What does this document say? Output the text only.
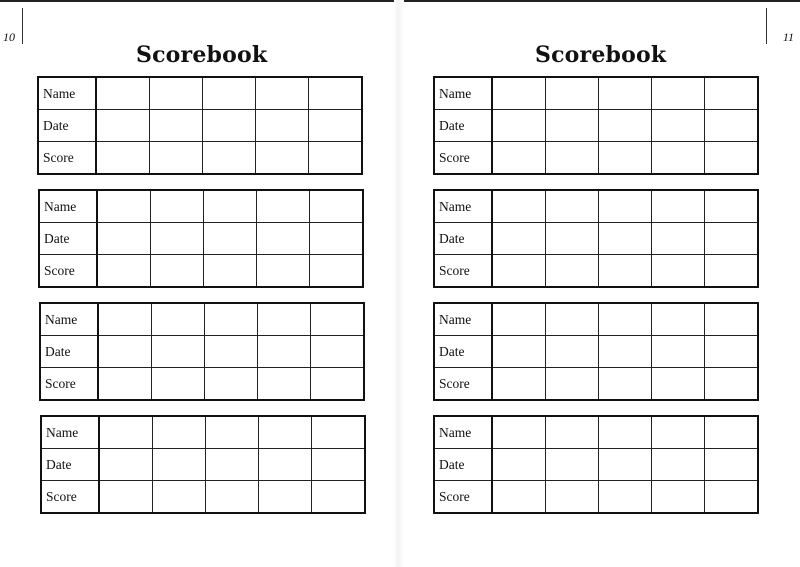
10
Scorebook
Name					
Date					
Score					
Name					
Date					
Score					
Name					
Date					
Score					
Name					
Date					
Score					
11
Scorebook
Name					
Date					
Score					
Name					
Date					
Score					
Name					
Date					
Score					
Name					
Date					
Score					
